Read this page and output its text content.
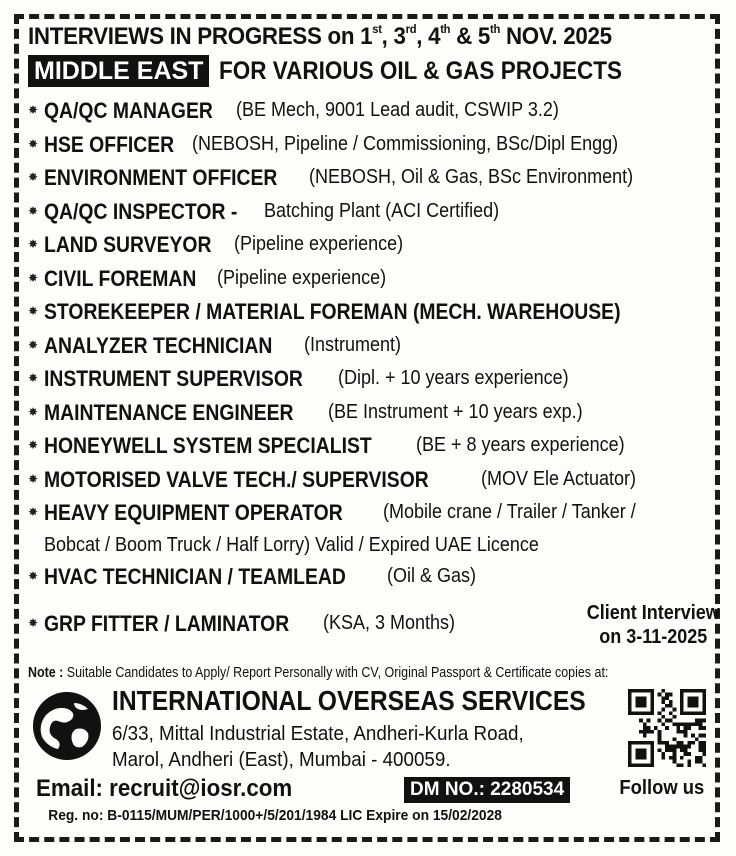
INTERVIEWS IN PROGRESS on 1st, 3rd, 4th & 5th NOV. 2025
MIDDLE EAST FOR VARIOUS OIL & GAS PROJECTS
✸ QA/QC MANAGER (BE Mech, 9001 Lead audit, CSWIP 3.2)
✸ HSE OFFICER (NEBOSH, Pipeline / Commissioning, BSc/Dipl Engg)
✸ ENVIRONMENT OFFICER (NEBOSH, Oil & Gas, BSc Environment)
✸ QA/QC INSPECTOR - Batching Plant (ACI Certified)
✸ LAND SURVEYOR (Pipeline experience)
✸ CIVIL FOREMAN (Pipeline experience)
✸ STOREKEEPER / MATERIAL FOREMAN (MECH. WAREHOUSE)
✸ ANALYZER TECHNICIAN (Instrument)
✸ INSTRUMENT SUPERVISOR (Dipl. + 10 years experience)
✸ MAINTENANCE ENGINEER (BE Instrument + 10 years exp.)
✸ HONEYWELL SYSTEM SPECIALIST (BE + 8 years experience)
✸ MOTORISED VALVE TECH./ SUPERVISOR	(MOV Ele Actuator)
✸ HEAVY EQUIPMENT OPERATOR (Mobile crane / Trailer / Tanker /
Bobcat / Boom Truck / Half Lorry) Valid / Expired UAE Licence
✸ HVAC TECHNICIAN / TEAMLEAD (Oil & Gas)
✸ GRP FITTER / LAMINATOR (KSA, 3 Months)	Client Interview
on 3-11-2025
Note : Suitable Candidates to Apply/ Report Personally with CV, Original Passport & Certificate copies at:
INTERNATIONAL OVERSEAS SERVICES
6/33, Mittal Industrial Estate, Andheri-Kurla Road,
Marol, Andheri (East), Mumbai - 400059.
Email: recruit@iosr.com	DM NO.: 2280534	Follow us
Reg. no: B-0115/MUM/PER/1000+/5/201/1984 LIC Expire on 15/02/2028
